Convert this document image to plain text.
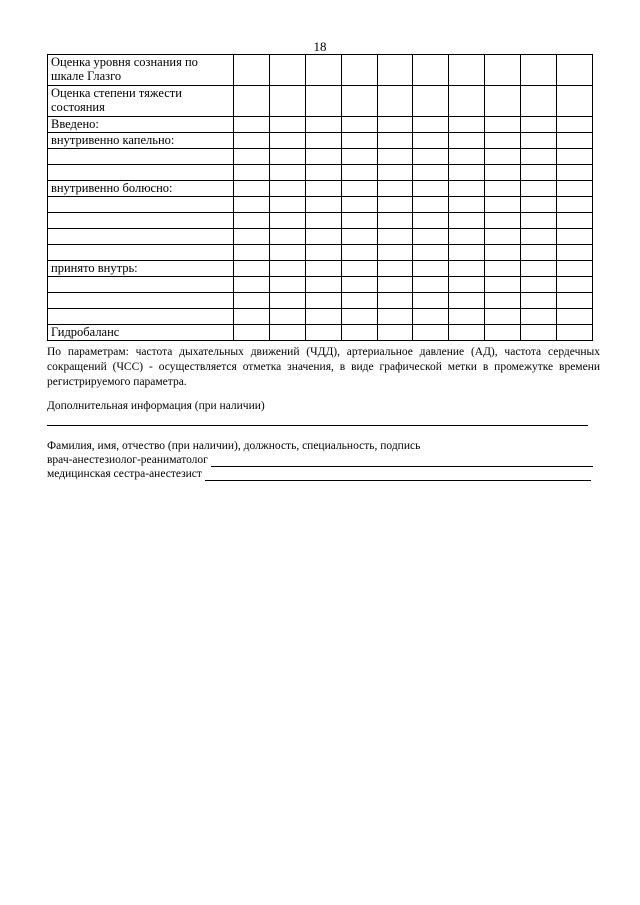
18
Оценка уровня сознания по шкале Глазго										
Оценка степени тяжести состояния										
Введено:										
внутривенно капельно:										

внутривенно болюсно:										

принято внутрь:										

Гидробаланс										
По параметрам: частота дыхательных движений (ЧДД), артериальное давление (АД), частота сердечных сокращений (ЧСС) - осуществляется отметка значения, в виде графической метки в промежутке времени регистрируемого параметра.
Дополнительная информация (при наличии)
Фамилия, имя, отчество (при наличии), должность, специальность, подпись
врач-анестезиолог-реаниматолог
медицинская сестра-анестезист
